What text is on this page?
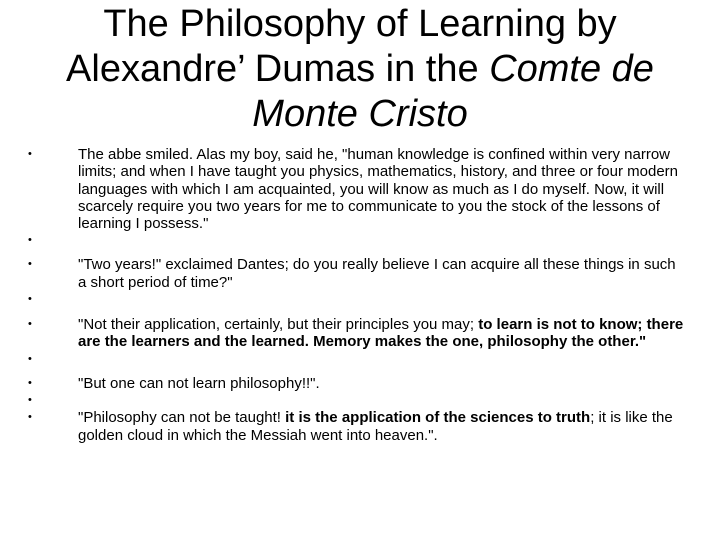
The Philosophy of Learning by
Alexandre’ Dumas in the Comte de
Monte Cristo
•	The abbe smiled. Alas my boy, said he, "human knowledge is confined within very narrow limits; and when I have taught you physics, mathematics, history, and three or four modern languages with which I am acquainted, you will know as much as I do myself. Now, it will scarcely require you two years for me to communicate to you the stock of the lessons of learning I possess."
•
•	"Two years!" exclaimed Dantes; do you really believe I can acquire all these things in such a short period of time?"
•
•	"Not their application, certainly, but their principles you may; to learn is not to know; there are the learners and the learned. Memory makes the one, philosophy the other."
•
•	"But one can not learn philosophy!!".
•
•	"Philosophy can not be taught! it is the application of the sciences to truth; it is like the golden cloud in which the Messiah went into heaven.".
